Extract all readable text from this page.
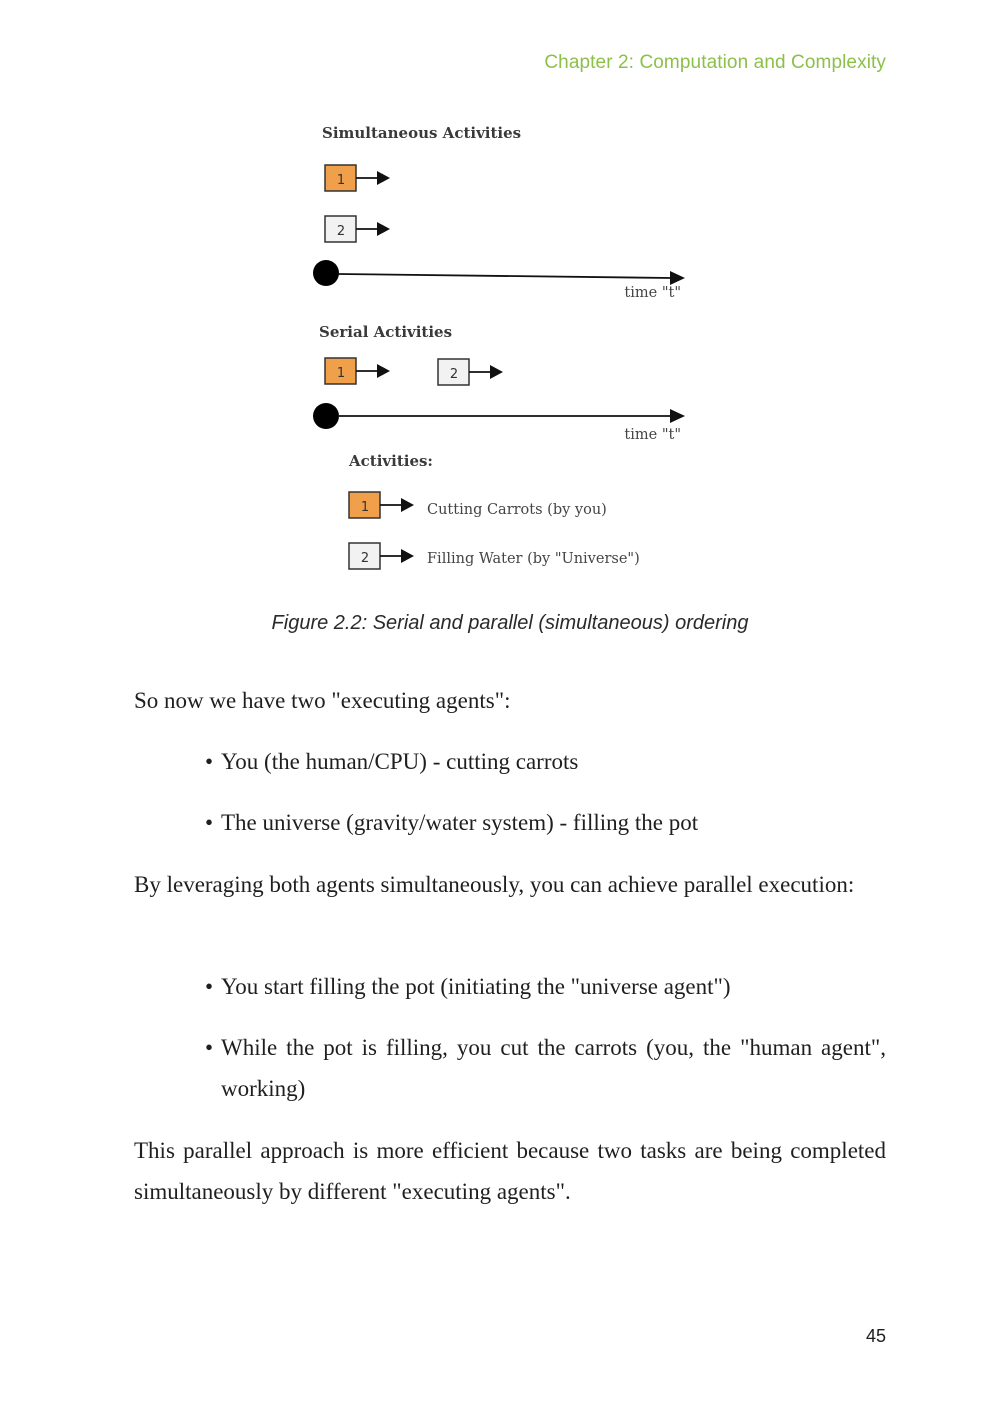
Chapter 2: Computation and Complexity
Simultaneous Activities
1
2
time "t"
Serial Activities
1	2
time "t"
Activities:
1	Cutting Carrots (by you)
2	Filling Water (by "Universe")
Figure 2.2: Serial and parallel (simultaneous) ordering
So now we have two "executing agents":
• You (the human/CPU) - cutting carrots
• The universe (gravity/water system) - filling the pot
By leveraging both agents simultaneously, you can achieve parallel execution:
• You start filling the pot (initiating the "universe agent")
• While the pot is filling, you cut the carrots (you, the "human agent", working)
This parallel approach is more efficient because two tasks are being completed simultaneously by different "executing agents".
45
